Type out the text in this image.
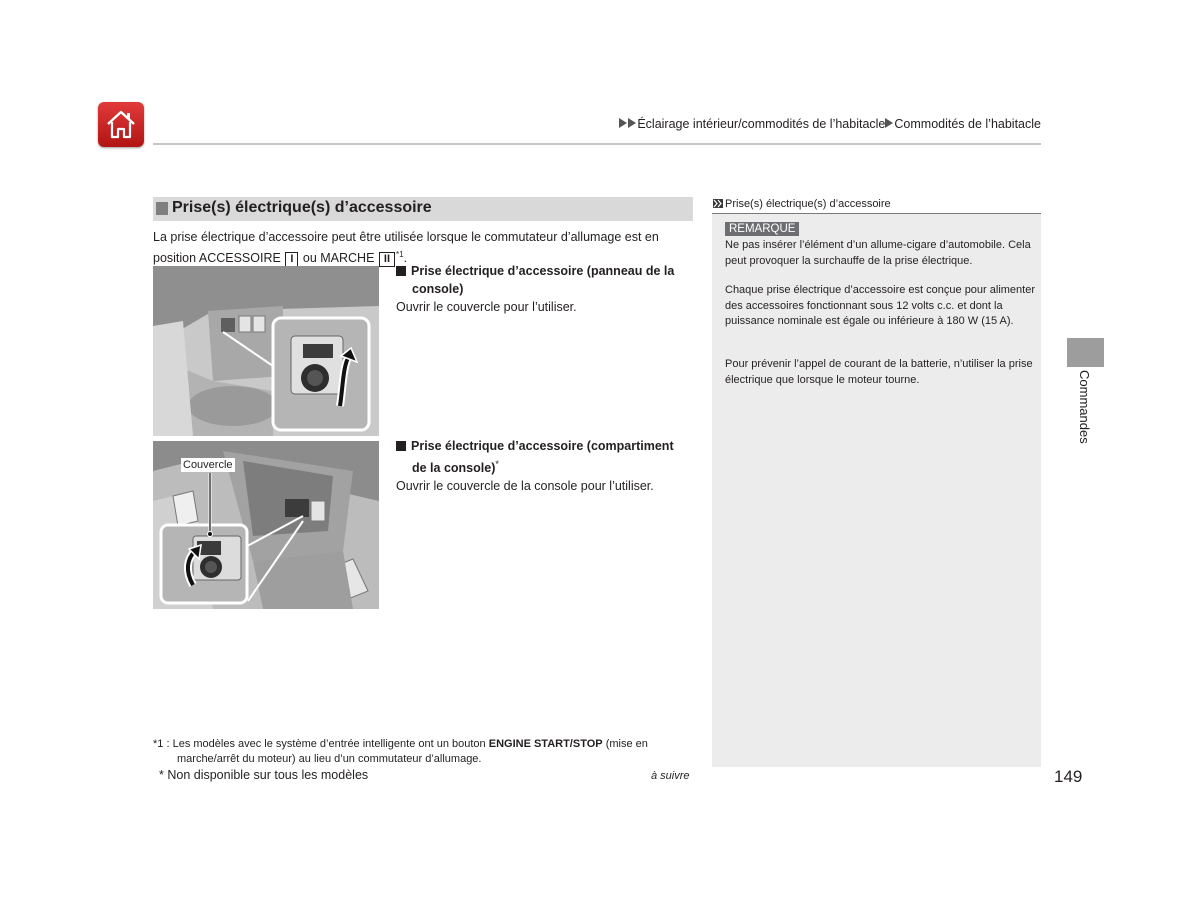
Éclairage intérieur/commodités de l’habitacle Commodités de l’habitacle
Prise(s) électrique(s) d’accessoire
La prise électrique d’accessoire peut être utilisée lorsque le commutateur d’allumage est en
position ACCESSOIRE I ou MARCHE II $^{*1}$.
Prise électrique d’accessoire (panneau de la
console)
Ouvrir le couvercle pour l’utiliser.
Couvercle
Prise électrique d’accessoire (compartiment
de la console)*
Ouvrir le couvercle de la console pour l’utiliser.
Prise(s) électrique(s) d’accessoire
REMARQUE
Ne pas insérer l’élément d’un allume-cigare d’automobile. Cela peut provoquer la surchauffe de la prise électrique.
Chaque prise électrique d’accessoire est conçue pour alimenter des accessoires fonctionnant sous 12 volts c.c. et dont la puissance nominale est égale ou inférieure à 180 W (15 A).
Pour prévenir l’appel de courant de la batterie, n’utiliser la prise électrique que lorsque le moteur tourne.	Commandes
*1 : Les modèles avec le système d’entrée intelligente ont un bouton ENGINE START/STOP (mise en
marche/arrêt du moteur) au lieu d’un commutateur d’allumage.
* Non disponible sur tous les modèles	à suivre	149
